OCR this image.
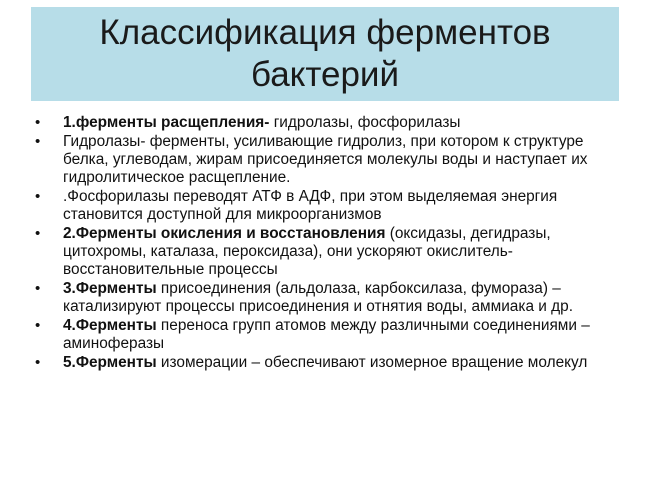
Классификация ферментов
бактерий
• 1.ферменты расщепления- гидролазы, фосфорилазы
• Гидролазы- ферменты, усиливающие гидролиз, при котором к структуре белка, углеводам, жирам присоединяется молекулы воды и наступает их гидролитическое расщепление.
• .Фосфорилазы переводят АТФ в АДФ, при этом выделяемая энергия становится доступной для микроорганизмов
• 2.Ферменты окисления и восстановления (оксидазы, дегидразы, цитохромы, каталаза, пероксидаза), они ускоряют окислитель-восстановительные процессы
• 3.Ферменты присоединения (альдолаза, карбоксилаза, фумораза) – катализируют процессы присоединения и отнятия воды, аммиака и др.
• 4.Ферменты переноса групп атомов между различными соединениями – аминоферазы
• 5.Ферменты изомерации – обеспечивают изомерное вращение молекул
